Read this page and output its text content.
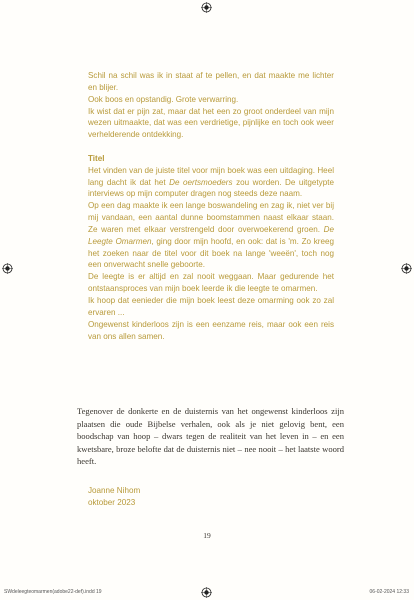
Schil na schil was ik in staat af te pellen, en dat maakte me lichter en blijer.

Ook boos en opstandig. Grote verwarring.

Ik wist dat er pijn zat, maar dat het een zo groot onderdeel van mijn wezen uitmaakte, dat was een verdrietige, pijnlijke en toch ook weer verhelderende ontdekking.

Titel

Het vinden van de juiste titel voor mijn boek was een uitdaging. Heel lang dacht ik dat het De oertsmoeders zou worden. De uitgetypte interviews op mijn computer dragen nog steeds deze naam.

Op een dag maakte ik een lange boswandeling en zag ik, niet ver bij mij vandaan, een aantal dunne boomstammen naast elkaar staan. Ze waren met elkaar verstrengeld door overwoekerend groen. De Leegte Omarmen, ging door mijn hoofd, en ook: dat is 'm. Zo kreeg het zoeken naar de titel voor dit boek na lange 'weeën', toch nog een onverwacht snelle geboorte.

De leegte is er altijd en zal nooit weggaan. Maar gedurende het ontstaansproces van mijn boek leerde ik die leegte te omarmen.

Ik hoop dat eenieder die mijn boek leest deze omarming ook zo zal ervaren ...

Ongewenst kinderloos zijn is een eenzame reis, maar ook een reis van ons allen samen.

Tegenover de donkerte en de duisternis van het ongewenst kinderloos zijn plaatsen die oude Bijbelse verhalen, ook als je niet gelovig bent, een boodschap van hoop – dwars tegen de realiteit van het leven in – en een kwetsbare, broze belofte dat de duisternis niet – nee nooit – het laatste woord heeft.

Joanne Nihom
oktober 2023
19
SWdeleegteomarmen(adobe22-def).indd 19	06-02-2024 12:33
